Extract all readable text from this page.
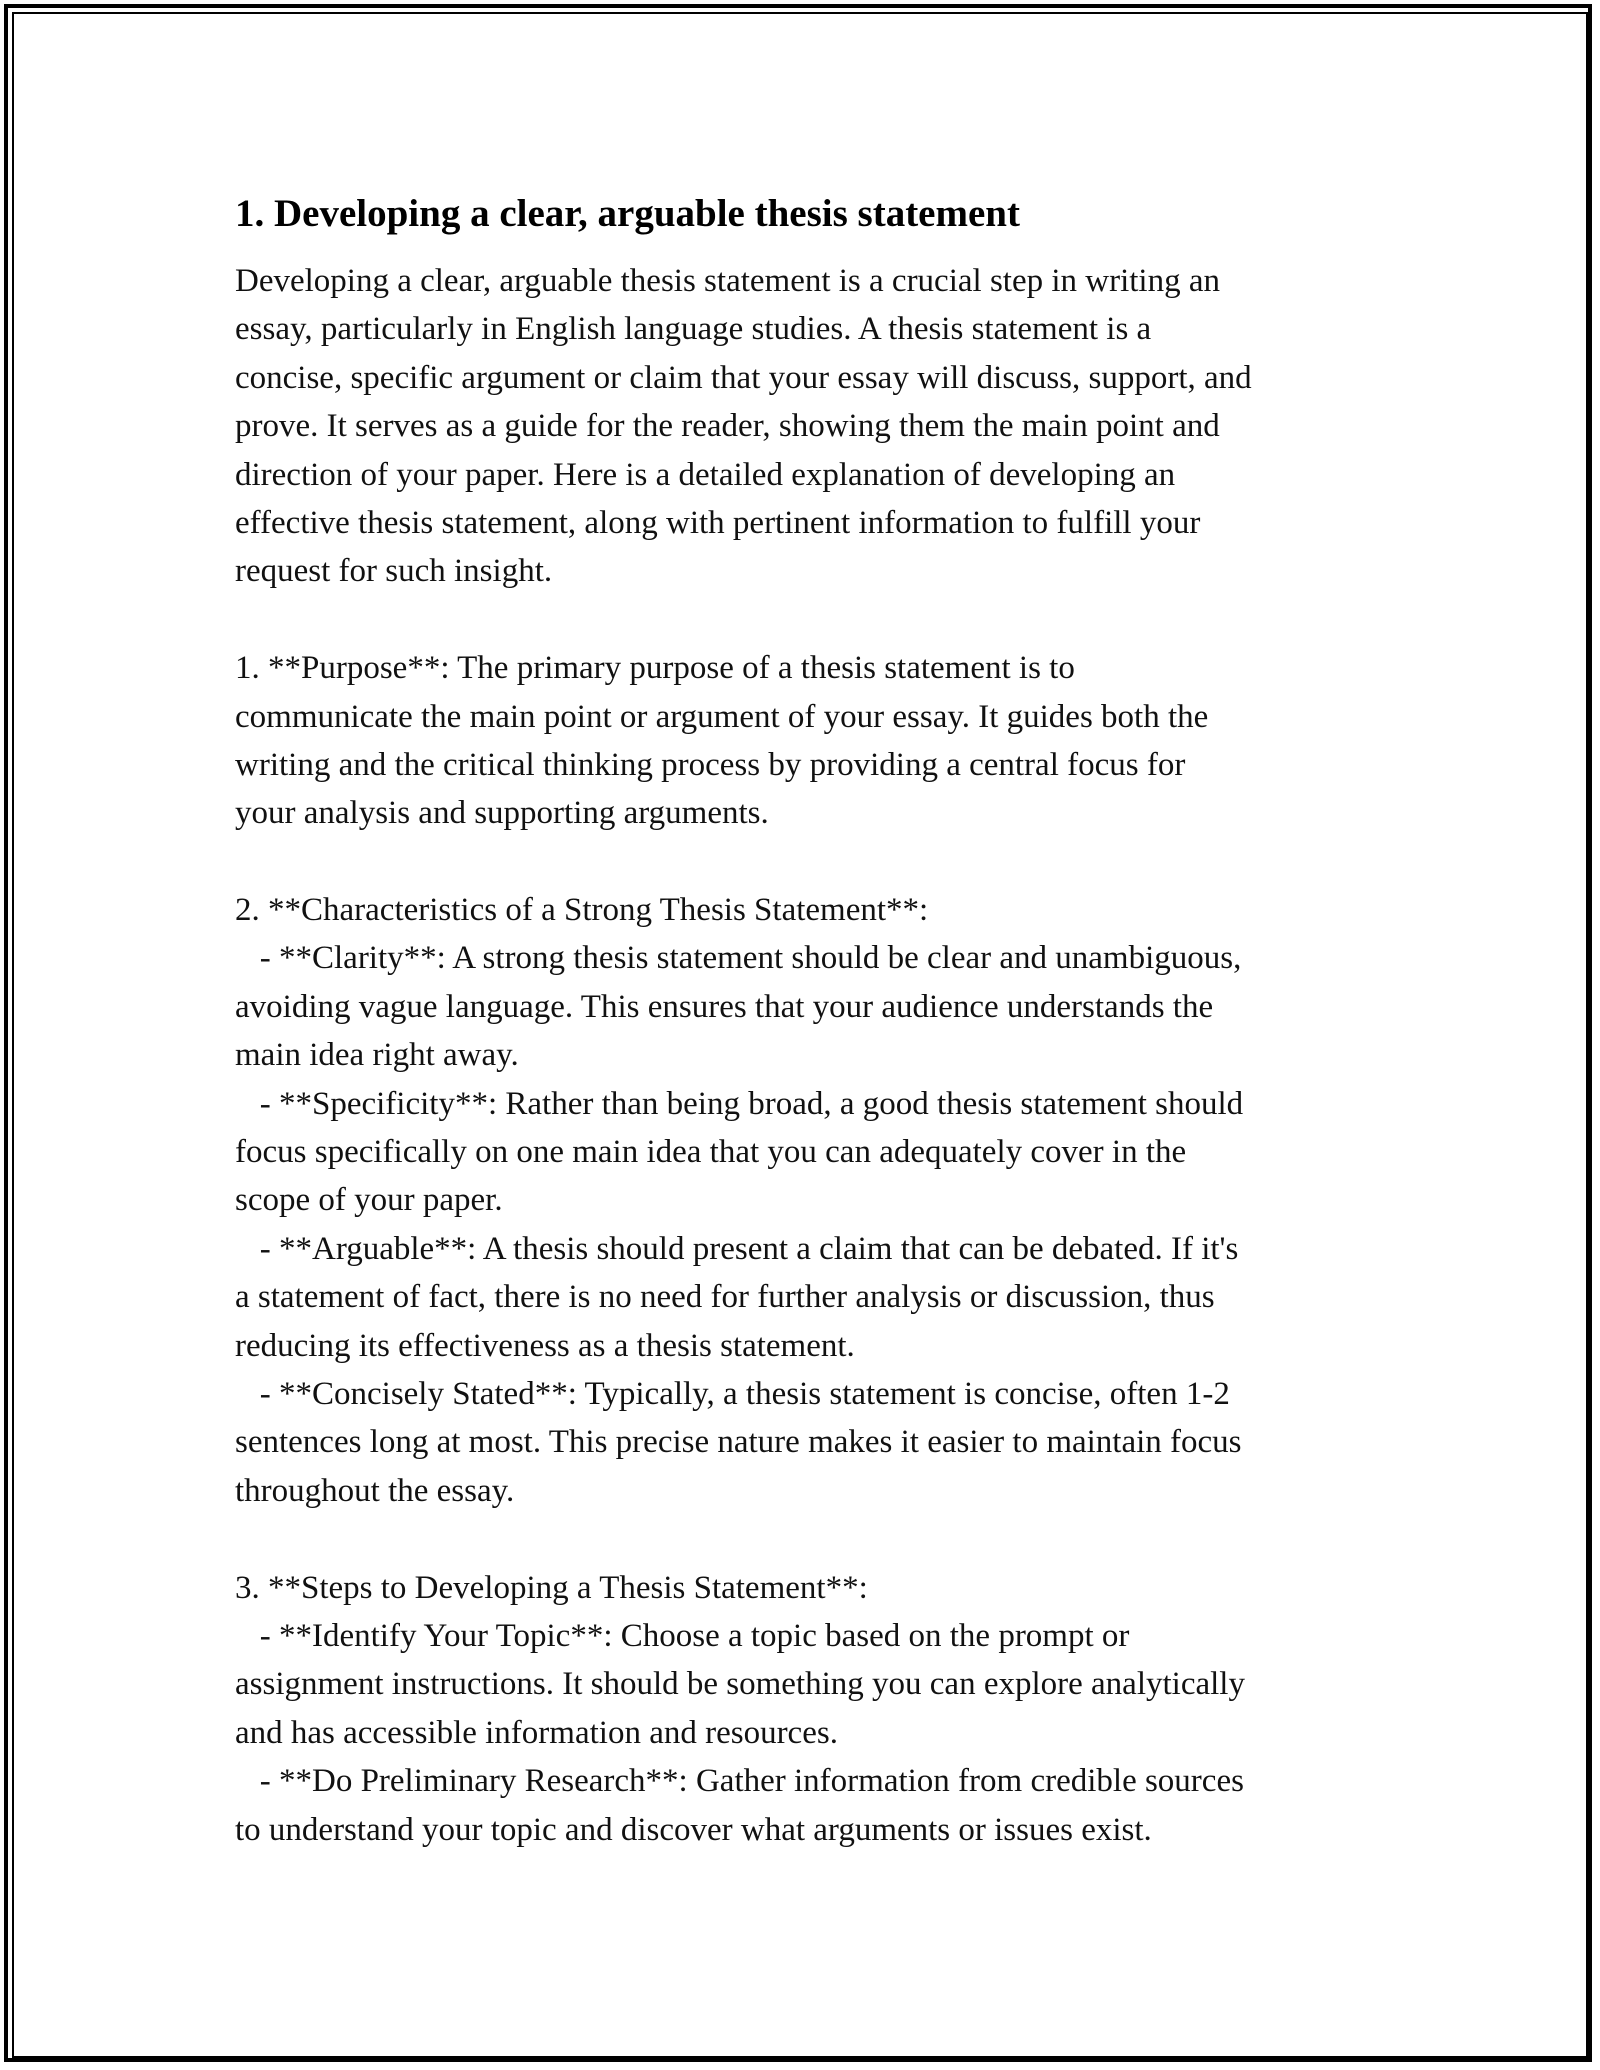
1. Developing a clear, arguable thesis statement
Developing a clear, arguable thesis statement is a crucial step in writing an
essay, particularly in English language studies. A thesis statement is a
concise, specific argument or claim that your essay will discuss, support, and
prove. It serves as a guide for the reader, showing them the main point and
direction of your paper. Here is a detailed explanation of developing an
effective thesis statement, along with pertinent information to fulfill your
request for such insight.
1. **Purpose**: The primary purpose of a thesis statement is to
communicate the main point or argument of your essay. It guides both the
writing and the critical thinking process by providing a central focus for
your analysis and supporting arguments.
2. **Characteristics of a Strong Thesis Statement**:
- **Clarity**: A strong thesis statement should be clear and unambiguous,
avoiding vague language. This ensures that your audience understands the
main idea right away.
- **Specificity**: Rather than being broad, a good thesis statement should
focus specifically on one main idea that you can adequately cover in the
scope of your paper.
- **Arguable**: A thesis should present a claim that can be debated. If it's
a statement of fact, there is no need for further analysis or discussion, thus
reducing its effectiveness as a thesis statement.
- **Concisely Stated**: Typically, a thesis statement is concise, often 1-2
sentences long at most. This precise nature makes it easier to maintain focus
throughout the essay.
3. **Steps to Developing a Thesis Statement**:
- **Identify Your Topic**: Choose a topic based on the prompt or
assignment instructions. It should be something you can explore analytically
and has accessible information and resources.
- **Do Preliminary Research**: Gather information from credible sources
to understand your topic and discover what arguments or issues exist.
